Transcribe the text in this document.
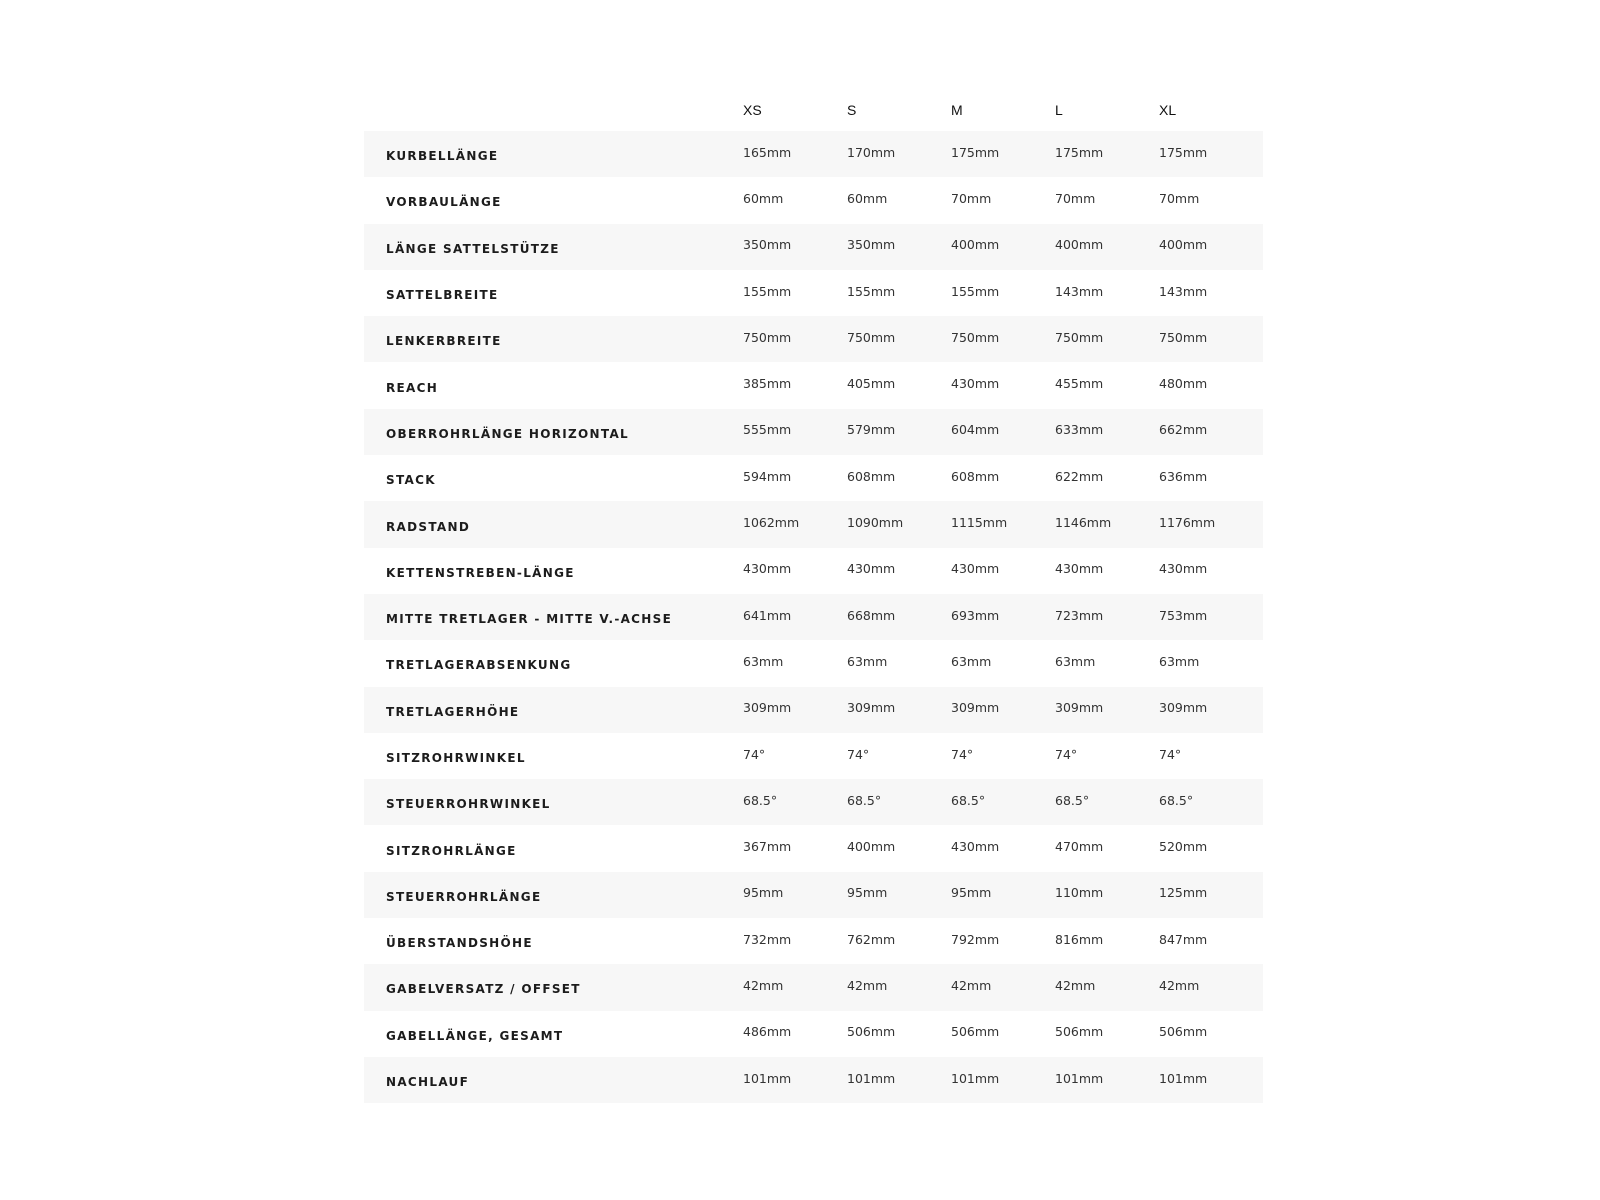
	XS	S	M	L	XL
KURBELLÄNGE	165mm	170mm	175mm	175mm	175mm
VORBAULÄNGE	60mm	60mm	70mm	70mm	70mm
LÄNGE SATTELSTÜTZE	350mm	350mm	400mm	400mm	400mm
SATTELBREITE	155mm	155mm	155mm	143mm	143mm
LENKERBREITE	750mm	750mm	750mm	750mm	750mm
REACH	385mm	405mm	430mm	455mm	480mm
OBERROHRLÄNGE HORIZONTAL	555mm	579mm	604mm	633mm	662mm
STACK	594mm	608mm	608mm	622mm	636mm
RADSTAND	1062mm	1090mm	1115mm	1146mm	1176mm
KETTENSTREBEN-LÄNGE	430mm	430mm	430mm	430mm	430mm
MITTE TRETLAGER - MITTE V.-ACHSE	641mm	668mm	693mm	723mm	753mm
TRETLAGERABSENKUNG	63mm	63mm	63mm	63mm	63mm
TRETLAGERHÖHE	309mm	309mm	309mm	309mm	309mm
SITZROHRWINKEL	74°	74°	74°	74°	74°
STEUERROHRWINKEL	68.5°	68.5°	68.5°	68.5°	68.5°
SITZROHRLÄNGE	367mm	400mm	430mm	470mm	520mm
STEUERROHRLÄNGE	95mm	95mm	95mm	110mm	125mm
ÜBERSTANDSHÖHE	732mm	762mm	792mm	816mm	847mm
GABELVERSATZ / OFFSET	42mm	42mm	42mm	42mm	42mm
GABELLÄNGE, GESAMT	486mm	506mm	506mm	506mm	506mm
NACHLAUF	101mm	101mm	101mm	101mm	101mm
